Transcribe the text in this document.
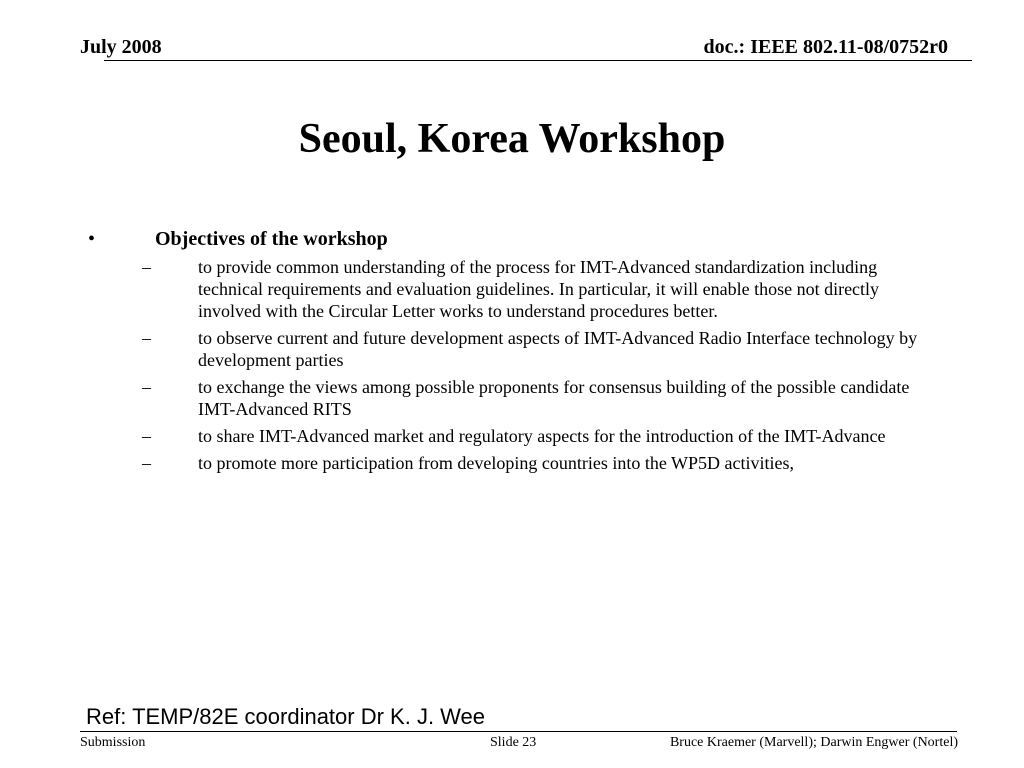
July 2008	doc.: IEEE 802.11-08/0752r0
Seoul, Korea Workshop
•	Objectives of the workshop
–	to provide common understanding of the process for IMT-Advanced standardization including technical requirements and evaluation guidelines. In particular, it will enable those not directly involved with the Circular Letter works to understand procedures better.
–	to observe current and future development aspects of IMT-Advanced Radio Interface technology by development parties
–	to exchange the views among possible proponents for consensus building of the possible candidate IMT-Advanced RITS
–	to share IMT-Advanced market and regulatory aspects for the introduction of the IMT-Advance
–	to promote more participation from developing countries into the WP5D activities,
Ref: TEMP/82E coordinator Dr K. J. Wee
Submission	Slide 23	Bruce Kraemer (Marvell); Darwin Engwer (Nortel)
